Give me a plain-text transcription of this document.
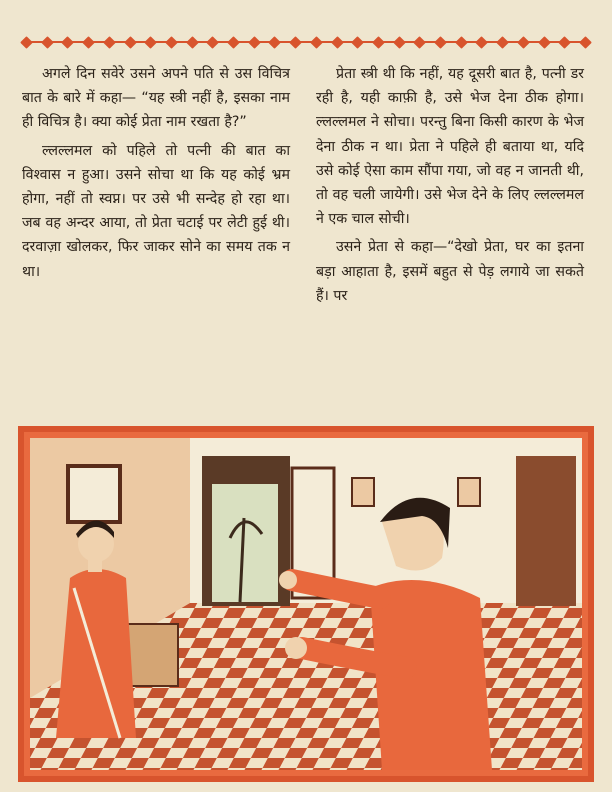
अगले दिन सवेरे उसने अपने पति से उस विचित्र बात के बारे में कहा— “यह स्त्री नहीं है, इसका नाम ही विचित्र है। क्या कोई प्रेता नाम रखता है?”

ल्लल्लमल को पहिले तो पत्नी की बात का विश्वास न हुआ। उसने सोचा था कि यह कोई भ्रम होगा, नहीं तो स्वप्न। पर उसे भी सन्देह हो रहा था। जब वह अन्दर आया, तो प्रेता चटाई पर लेटी हुई थी। दरवाज़ा खोलकर, फिर जाकर सोने का समय तक न था।

प्रेता स्त्री थी कि नहीं, यह दूसरी बात है, पत्नी डर रही है, यही काफ़ी है, उसे भेज देना ठीक होगा। ल्लल्लमल ने सोचा। परन्तु बिना किसी कारण के भेज देना ठीक न था। प्रेता ने पहिले ही बताया था, यदि उसे कोई ऐसा काम सौंपा गया, जो वह न जानती थी, तो वह चली जायेगी। उसे भेज देने के लिए ल्लल्लमल ने एक चाल सोची।

उसने प्रेता से कहा—“देखो प्रेता, घर का इतना बड़ा आहाता है, इसमें बहुत से पेड़ लगाये जा सकते हैं। पर
